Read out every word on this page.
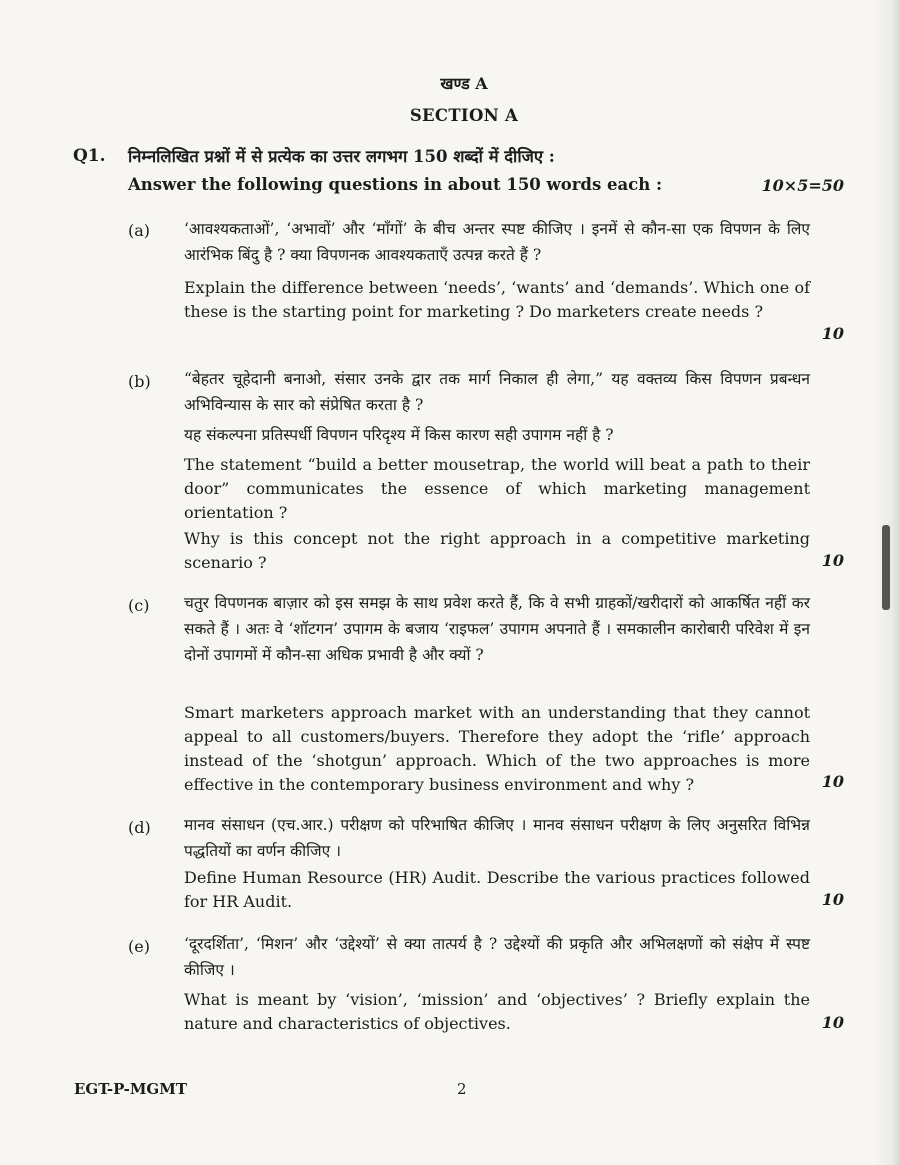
खण्ड A
SECTION A
Q1. निम्नलिखित प्रश्नों में से प्रत्येक का उत्तर लगभग 150 शब्दों में दीजिए :
Answer the following questions in about 150 words each :	10×5=50
(a) ‘आवश्यकताओं’, ‘अभावों’ और ‘माँगों’ के बीच अन्तर स्पष्ट कीजिए । इनमें से कौन-सा एक विपणन के लिए आरंभिक बिंदु है ? क्या विपणनक आवश्यकताएँ उत्पन्न करते हैं ?

Explain the difference between ‘needs’, ‘wants’ and ‘demands’. Which one of these is the starting point for marketing ? Do marketers create needs ?

10
(b) “बेहतर चूहेदानी बनाओ, संसार उनके द्वार तक मार्ग निकाल ही लेगा,” यह वक्तव्य किस विपणन प्रबन्धन अभिविन्यास के सार को संप्रेषित करता है ?

यह संकल्पना प्रतिस्पर्धी विपणन परिदृश्य में किस कारण सही उपागम नहीं है ?

The statement “build a better mousetrap, the world will beat a path to their door” communicates the essence of which marketing management orientation ?

Why is this concept not the right approach in a competitive marketing scenario ?	10
(c) चतुर विपणनक बाज़ार को इस समझ के साथ प्रवेश करते हैं, कि वे सभी ग्राहकों/खरीदारों को आकर्षित नहीं कर सकते हैं । अतः वे ‘शॉटगन’ उपागम के बजाय ‘राइफल’ उपागम अपनाते हैं । समकालीन कारोबारी परिवेश में इन दोनों उपागमों में कौन-सा अधिक प्रभावी है और क्यों ?

Smart marketers approach market with an understanding that they cannot appeal to all customers/buyers. Therefore they adopt the ‘rifle’ approach instead of the ‘shotgun’ approach. Which of the two approaches is more effective in the contemporary business environment and why ?	10
(d) मानव संसाधन (एच.आर.) परीक्षण को परिभाषित कीजिए । मानव संसाधन परीक्षण के लिए अनुसरित विभिन्न पद्धतियों का वर्णन कीजिए ।

Define Human Resource (HR) Audit. Describe the various practices followed for HR Audit.	10
(e) ‘दूरदर्शिता’, ‘मिशन’ और ‘उद्देश्यों’ से क्या तात्पर्य है ? उद्देश्यों की प्रकृति और अभिलक्षणों को संक्षेप में स्पष्ट कीजिए ।

What is meant by ‘vision’, ‘mission’ and ‘objectives’ ? Briefly explain the nature and characteristics of objectives.	10
EGT-P-MGMT	2
